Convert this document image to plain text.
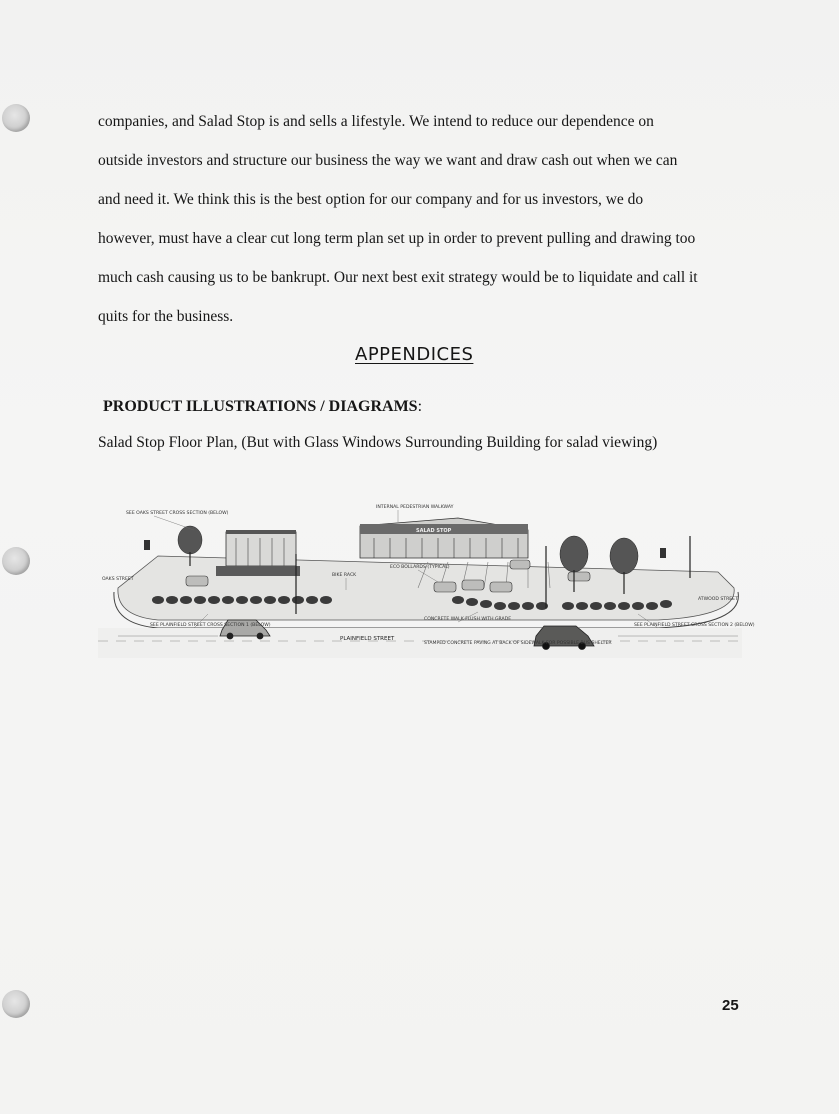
companies, and Salad Stop is and sells a lifestyle. We intend to reduce our dependence on
outside investors and structure our business the way we want and draw cash out when we can
and need it. We think this is the best option for our company and for us investors, we do
however, must have a clear cut long term plan set up in order to prevent pulling and drawing too
much cash causing us to be bankrupt. Our next best exit strategy would be to liquidate and call it
quits for the business.
APPENDICES
PRODUCT ILLUSTRATIONS / DIAGRAMS:
Salad Stop Floor Plan, (But with Glass Windows Surrounding Building for salad viewing)
SALAD STOP
SEE OAKS STREET CROSS SECTION (BELOW)
INTERNAL PEDESTRIAN WALKWAY
BIKE RACK
ECO BOLLARDS (TYPICAL)
OAKS STREET
SEE PLAINFIELD STREET CROSS SECTION 1 (BELOW)
CONCRETE WALK FLUSH WITH GRADE
STAMPED CONCRETE PAVING AT BACK OF SIDEWALK FOR POSSIBLE BUS SHELTER
SEE PLAINFIELD STREET CROSS SECTION 2 (BELOW)
ATWOOD STREET
PLAINFIELD STREET
25
